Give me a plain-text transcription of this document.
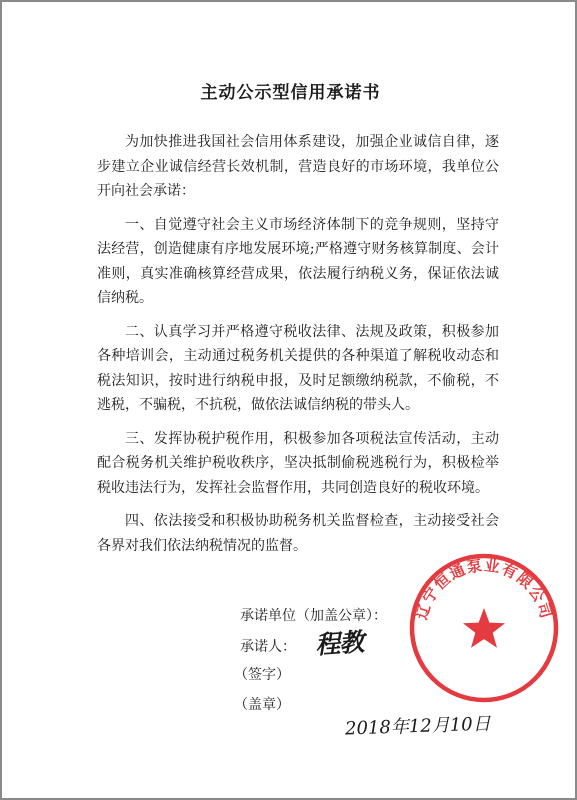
主动公示型信用承诺书

为加快推进我国社会信用体系建设，加强企业诚信自律，逐步建立企业诚信经营长效机制，营造良好的市场环境，我单位公开向社会承诺：

一、自觉遵守社会主义市场经济体制下的竞争规则，坚持守法经营，创造健康有序地发展环境;严格遵守财务核算制度、会计准则，真实准确核算经营成果，依法履行纳税义务，保证依法诚信纳税。

二、认真学习并严格遵守税收法律、法规及政策，积极参加各种培训会，主动通过税务机关提供的各种渠道了解税收动态和税法知识，按时进行纳税申报，及时足额缴纳税款，不偷税，不逃税，不骗税，不抗税，做依法诚信纳税的带头人。

三、发挥协税护税作用，积极参加各项税法宣传活动，主动配合税务机关维护税收秩序，坚决抵制偷税逃税行为，积极检举税收违法行为，发挥社会监督作用，共同创造良好的税收环境。

四、依法接受和积极协助税务机关监督检查，主动接受社会各界对我们依法纳税情况的监督。

承诺单位（加盖公章）：
承诺人： 程教
（签字）
（盖章）
2018年12月10日
辽宁恒通泵业有限公司
